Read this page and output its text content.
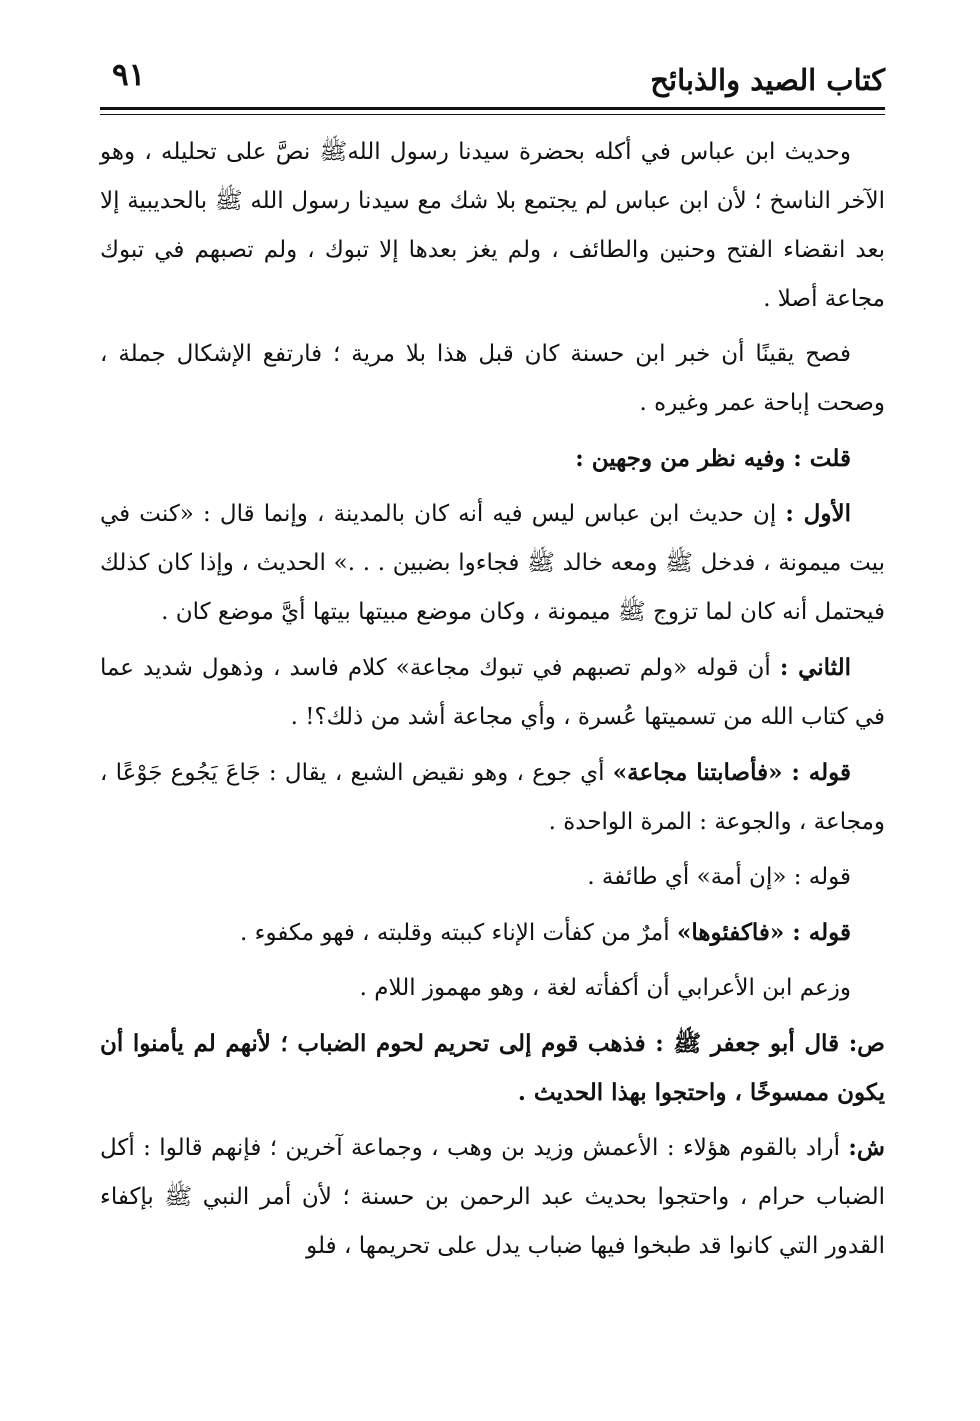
كتاب الصيد والذبائح
٩١

وحديث ابن عباس في أكله بحضرة سيدنا رسول اللهﷺ نصَّ على تحليله ، وهو الآخر الناسخ ؛ لأن ابن عباس لم يجتمع بلا شك مع سيدنا رسول الله ﷺ بالحديبية إلا بعد انقضاء الفتح وحنين والطائف ، ولم يغز بعدها إلا تبوك ، ولم تصبهم في تبوك مجاعة أصلا .

فصح يقينًا أن خبر ابن حسنة كان قبل هذا بلا مرية ؛ فارتفع الإشكال جملة ، وصحت إباحة عمر وغيره .

قلت : وفيه نظر من وجهين :

الأول : إن حديث ابن عباس ليس فيه أنه كان بالمدينة ، وإنما قال : «كنت في بيت ميمونة ، فدخل ﷺ ومعه خالد ﷺ فجاءوا بضبين . . .» الحديث ، وإذا كان كذلك فيحتمل أنه كان لما تزوج ﷺ ميمونة ، وكان موضع مبيتها بيتها أيَّ موضع كان .

الثاني : أن قوله «ولم تصبهم في تبوك مجاعة» كلام فاسد ، وذهول شديد عما في كتاب الله من تسميتها عُسرة ، وأي مجاعة أشد من ذلك؟! .

قوله : «فأصابتنا مجاعة» أي جوع ، وهو نقيض الشبع ، يقال : جَاعَ يَجُوع جَوْعًا ، ومجاعة ، والجوعة : المرة الواحدة .

قوله : «إن أمة» أي طائفة .

قوله : «فاكفئوها» أمرٌ من كفأت الإناء كببته وقلبته ، فهو مكفوء .

وزعم ابن الأعرابي أن أكفأته لغة ، وهو مهموز اللام .

ص: قال أبو جعفر ﷺ : فذهب قوم إلى تحريم لحوم الضباب ؛ لأنهم لم يأمنوا أن يكون ممسوخًا ، واحتجوا بهذا الحديث .

ش: أراد بالقوم هؤلاء : الأعمش وزيد بن وهب ، وجماعة آخرين ؛ فإنهم قالوا : أكل الضباب حرام ، واحتجوا بحديث عبد الرحمن بن حسنة ؛ لأن أمر النبي ﷺ بإكفاء القدور التي كانوا قد طبخوا فيها ضباب يدل على تحريمها ، فلو
